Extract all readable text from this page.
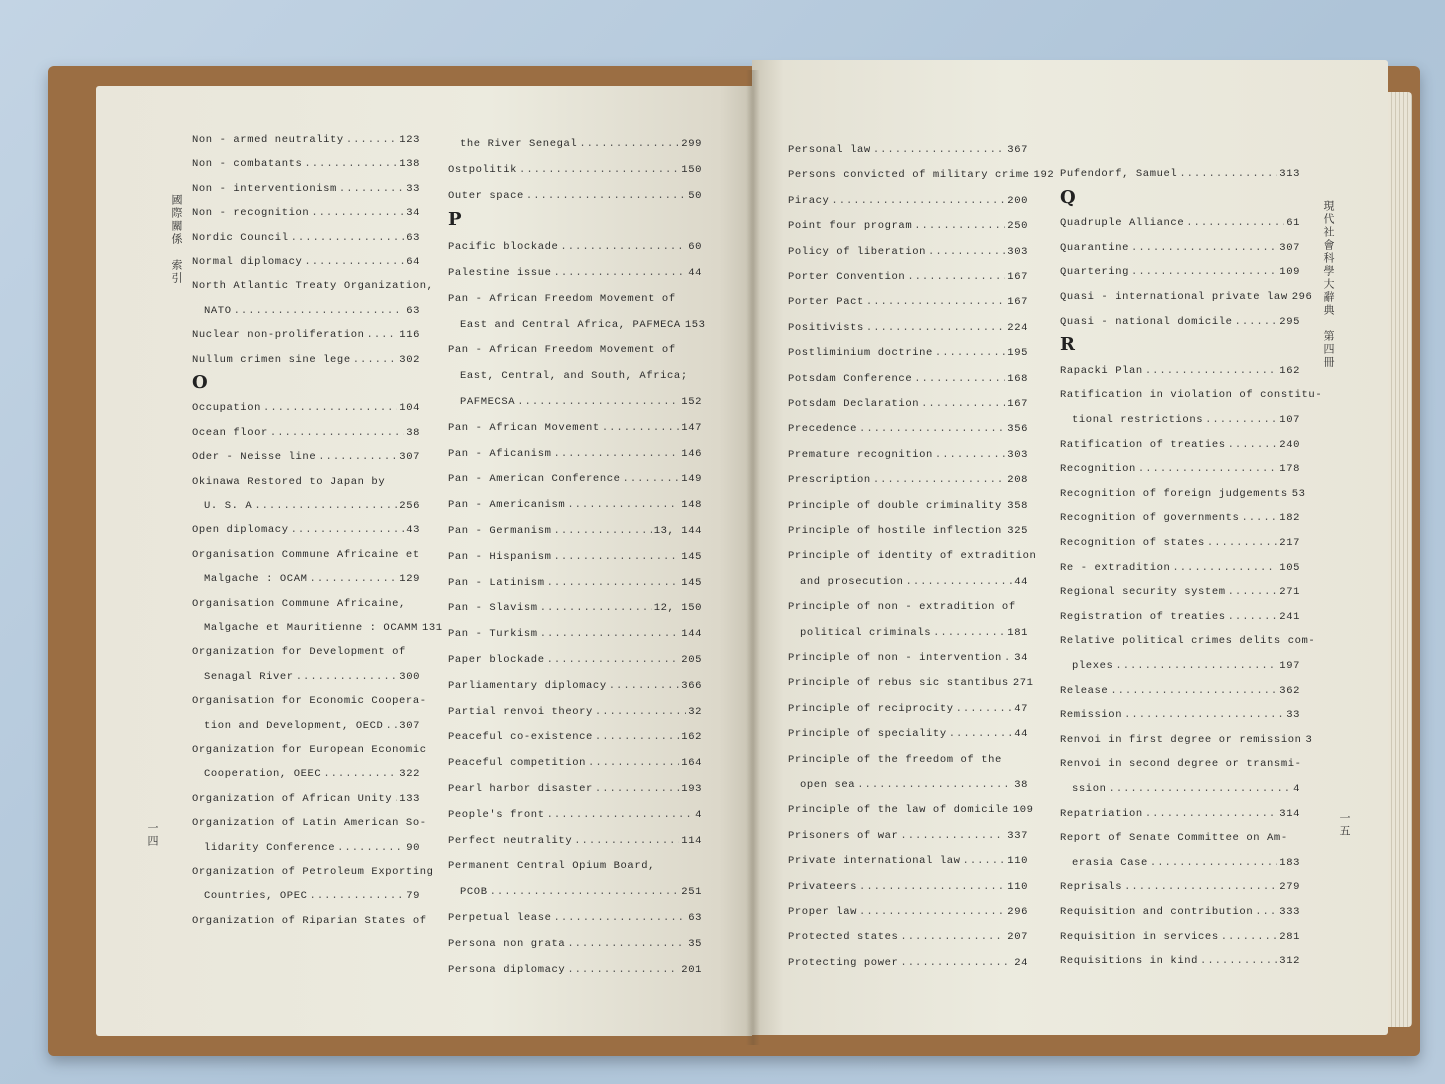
國際關係　索引
一四
Non - armed neutrality .....	123
Non - combatants .....	138
Non - interventionism .....	33
Non - recognition .....	34
Nordic Council .....	63
Normal diplomacy .....	64
North Atlantic Treaty Organization,
NATO .....	63
Nuclear non-proliferation .....	116
Nullum crimen sine lege .....	302
O
Occupation .....	104
Ocean floor .....	38
Oder - Neisse line .....	307
Okinawa Restored to Japan by
U. S. A .....	256
Open diplomacy .....	43
Organisation Commune Africaine et
Malgache : OCAM .....	129
Organisation Commune Africaine,
Malgache et Mauritienne : OCAMM 131
Organization for Development of
Senagal River .....	300
Organisation for Economic Coopera-
tion and Development, OECD ..... 307
Organization for European Economic
Cooperation, OEEC .....	322
Organization of African Unity ..... 133
Organization of Latin American So-
lidarity Conference .....	90
Organization of Petroleum Exporting
Countries, OPEC .....	79
Organization of Riparian States of
the River Senegal .....	299
Ostpolitik .....	150
Outer space .....	50
P
Pacific blockade .....	60
Palestine issue .....	44
Pan - African Freedom Movement of
East and Central Africa, PAFMECA 153
Pan - African Freedom Movement of
East, Central, and South, Africa;
PAFMECSA .....	152
Pan - African Movement .....	147
Pan - Aficanism .....	146
Pan - American Conference .....	149
Pan - Americanism .....	148
Pan - Germanism .....	13, 144
Pan - Hispanism .....	145
Pan - Latinism .....	145
Pan - Slavism .....	12, 150
Pan - Turkism .....	144
Paper blockade .....	205
Parliamentary diplomacy .....	366
Partial renvoi theory .....	32
Peaceful co-existence .....	162
Peaceful competition .....	164
Pearl harbor disaster .....	193
People's front .....	4
Perfect neutrality .....	114
Permanent Central Opium Board,
PCOB .....	251
Perpetual lease .....	63
Persona non grata .....	35
Persona diplomacy .....	201
現代社會科學大辭典　第四冊
一五
Personal law .....	367
Persons convicted of military crime 192
Piracy .....	200
Point four program .....	250
Policy of liberation .....	303
Porter Convention .....	167
Porter Pact .....	167
Positivists .....	224
Postliminium doctrine .....	195
Potsdam Conference .....	168
Potsdam Declaration .....	167
Precedence .....	356
Premature recognition .....	303
Prescription .....	208
Principle of double criminality ..... 358
Principle of hostile inflection ..... 325
Principle of identity of extradition
and prosecution .....	44
Principle of non - extradition of
political criminals .....	181
Principle of non - intervention ..... 34
Principle of rebus sic stantibus 271
Principle of reciprocity .....	47
Principle of speciality .....	44
Principle of the freedom of the
open sea .....	38
Principle of the law of domicile 109
Prisoners of war .....	337
Private international law .....	110
Privateers .....	110
Proper law .....	296
Protected states .....	207
Protecting power .....	24
Pufendorf, Samuel .....	313
Q
Quadruple Alliance .....	61
Quarantine .....	307
Quartering .....	109
Quasi - international private law 296
Quasi - national domicile .....	295
R
Rapacki Plan .....	162
Ratification in violation of constitu-
tional restrictions .....	107
Ratification of treaties .....	240
Recognition .....	178
Recognition of foreign judgements 53
Recognition of governments .....	182
Recognition of states .....	217
Re - extradition .....	105
Regional security system .....	271
Registration of treaties .....	241
Relative political crimes delits com-
plexes .....	197
Release .....	362
Remission .....	33
Renvoi in first degree or remission 3
Renvoi in second degree or transmi-
ssion .....	4
Repatriation .....	314
Report of Senate Committee on Am-
erasia Case .....	183
Reprisals .....	279
Requisition and contribution ..... 333
Requisition in services .....	281
Requisitions in kind .....	312
